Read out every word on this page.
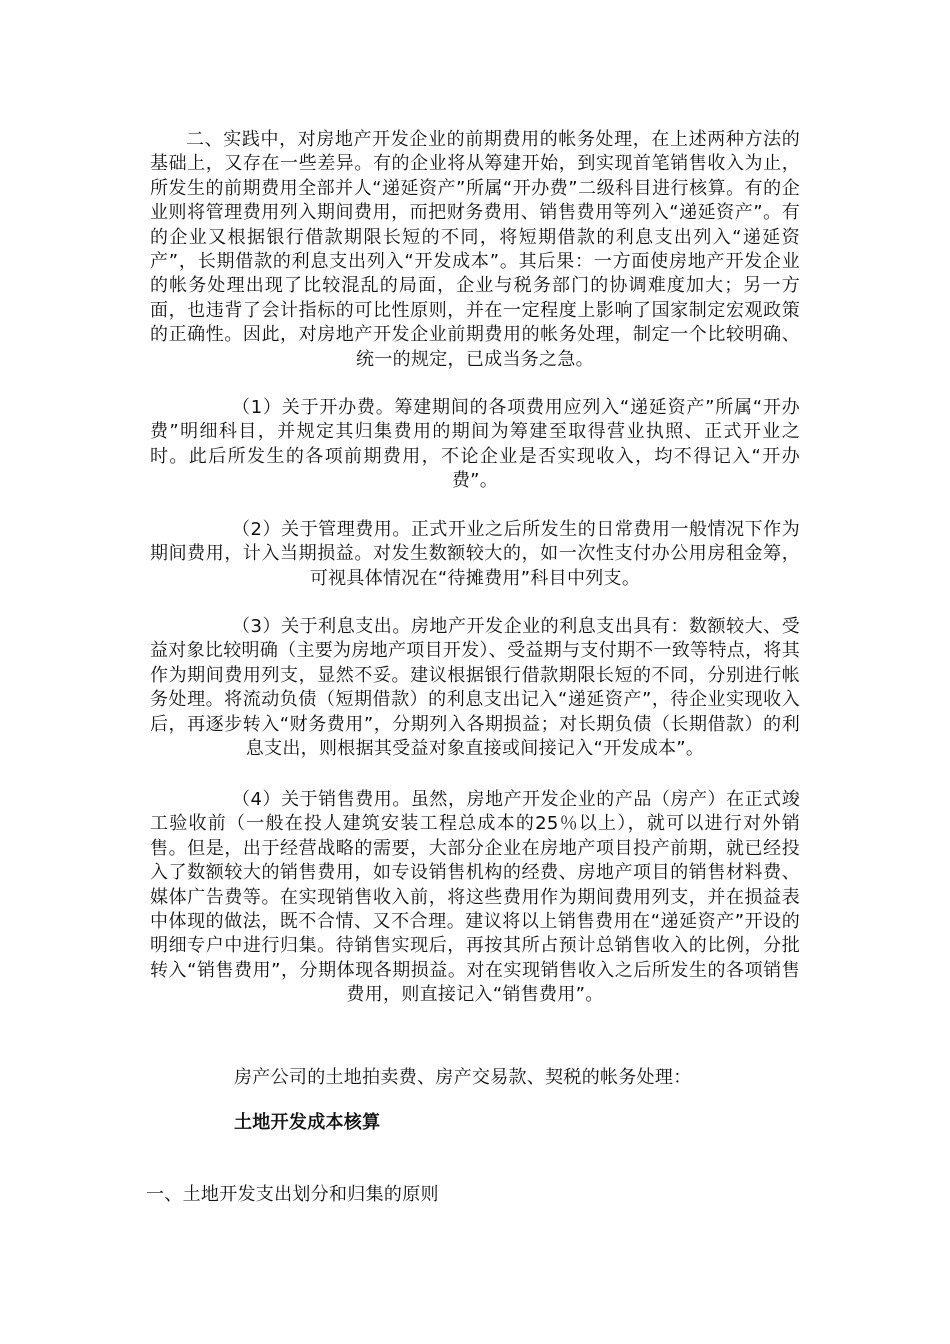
二、实践中，对房地产开发企业的前期费用的帐务处理，在上述两种方法的基础上，又存在一些差异。有的企业将从筹建开始，到实现首笔销售收入为止，所发生的前期费用全部并人“递延资产”所属“开办费”二级科目进行核算。有的企业则将管理费用列入期间费用，而把财务费用、销售费用等列入“递延资产”。有的企业又根据银行借款期限长短的不同，将短期借款的利息支出列入“递延资产”，长期借款的利息支出列入“开发成本”。其后果：一方面使房地产开发企业的帐务处理出现了比较混乱的局面，企业与税务部门的协调难度加大；另一方面，也违背了会计指标的可比性原则，并在一定程度上影响了国家制定宏观政策的正确性。因此，对房地产开发企业前期费用的帐务处理，制定一个比较明确、统一的规定，已成当务之急。
（1）关于开办费。筹建期间的各项费用应列入“递延资产”所属“开办费”明细科目，并规定其归集费用的期间为筹建至取得营业执照、正式开业之时。此后所发生的各项前期费用，不论企业是否实现收入，均不得记入“开办费”。
（2）关于管理费用。正式开业之后所发生的日常费用一般情况下作为期间费用，计入当期损益。对发生数额较大的，如一次性支付办公用房租金筹，可视具体情况在“待摊费用”科目中列支。
（3）关于利息支出。房地产开发企业的利息支出具有：数额较大、受益对象比较明确（主要为房地产项目开发）、受益期与支付期不一致等特点，将其作为期间费用列支，显然不妥。建议根据银行借款期限长短的不同，分别进行帐务处理。将流动负债（短期借款）的利息支出记入“递延资产”，待企业实现收入后，再逐步转入“财务费用”，分期列入各期损益；对长期负债（长期借款）的利息支出，则根据其受益对象直接或间接记入“开发成本”。
（4）关于销售费用。虽然，房地产开发企业的产品（房产）在正式竣工验收前（一般在投人建筑安装工程总成本的25％以上），就可以进行对外销售。但是，出于经营战略的需要，大部分企业在房地产项目投产前期，就已经投入了数额较大的销售费用，如专设销售机构的经费、房地产项目的销售材料费、媒体广告费等。在实现销售收入前，将这些费用作为期间费用列支，并在损益表中体现的做法，既不合情、又不合理。建议将以上销售费用在“递延资产”开设的明细专户中进行归集。待销售实现后，再按其所占预计总销售收入的比例，分批转入“销售费用”，分期体现各期损益。对在实现销售收入之后所发生的各项销售费用，则直接记入“销售费用”。
房产公司的土地拍卖费、房产交易款、契税的帐务处理：
土地开发成本核算
一、土地开发支出划分和归集的原则
